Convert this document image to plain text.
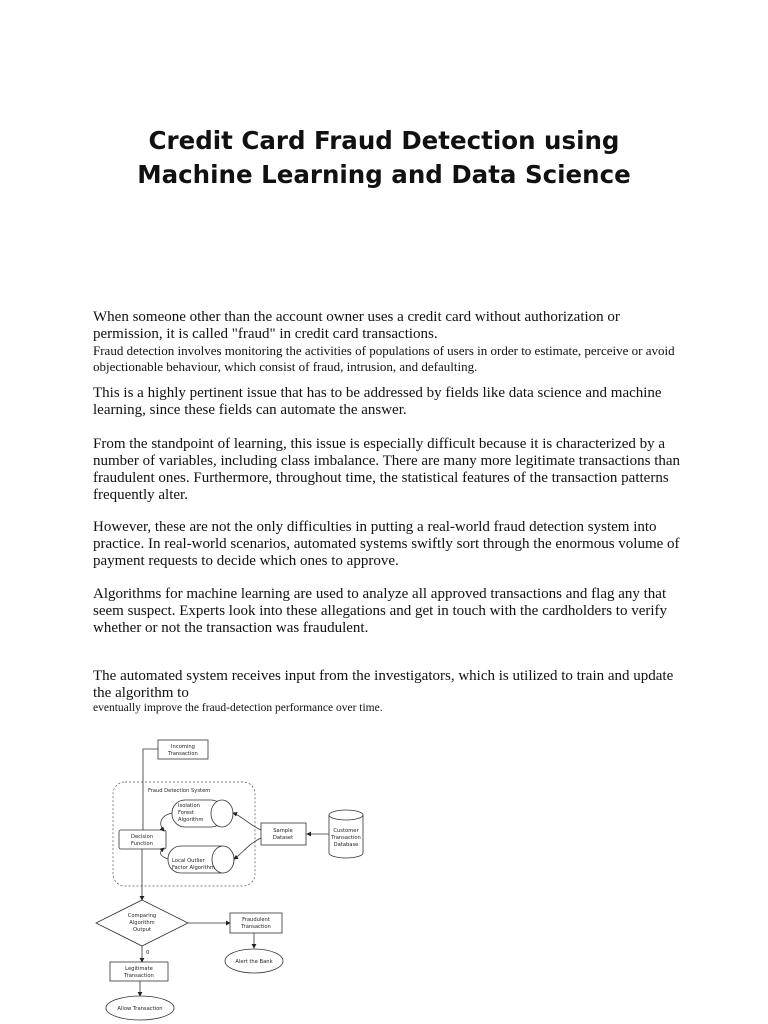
Credit Card Fraud Detection using
Machine Learning and Data Science

When someone other than the account owner uses a credit card without authorization or permission, it is called "fraud" in credit card transactions.

Fraud detection involves monitoring the activities of populations of users in order to estimate, perceive or avoid objectionable behaviour, which consist of fraud, intrusion, and defaulting.

This is a highly pertinent issue that has to be addressed by fields like data science and machine learning, since these fields can automate the answer.

From the standpoint of learning, this issue is especially difficult because it is characterized by a number of variables, including class imbalance. There are many more legitimate transactions than fraudulent ones. Furthermore, throughout time, the statistical features of the transaction patterns frequently alter.

However, these are not the only difficulties in putting a real-world fraud detection system into practice. In real-world scenarios, automated systems swiftly sort through the enormous volume of payment requests to decide which ones to approve.

Algorithms for machine learning are used to analyze all approved transactions and flag any that seem suspect. Experts look into these allegations and get in touch with the cardholders to verify whether or not the transaction was fraudulent.

The automated system receives input from the investigators, which is utilized to train and update the algorithm to

eventually improve the fraud-detection performance over time.

Incoming
Transaction
Fraud Detection System
Isolation
Forest
Algorithm
Local Outlier
Factor Algorithm
Decision
Function
Sample
Dataset
Customer
Transaction
Database
Comparing
Algorithm
Output
Fraudulent
Transaction
Alert the Bank
0
Legitimate
Transaction
Allow Transaction
